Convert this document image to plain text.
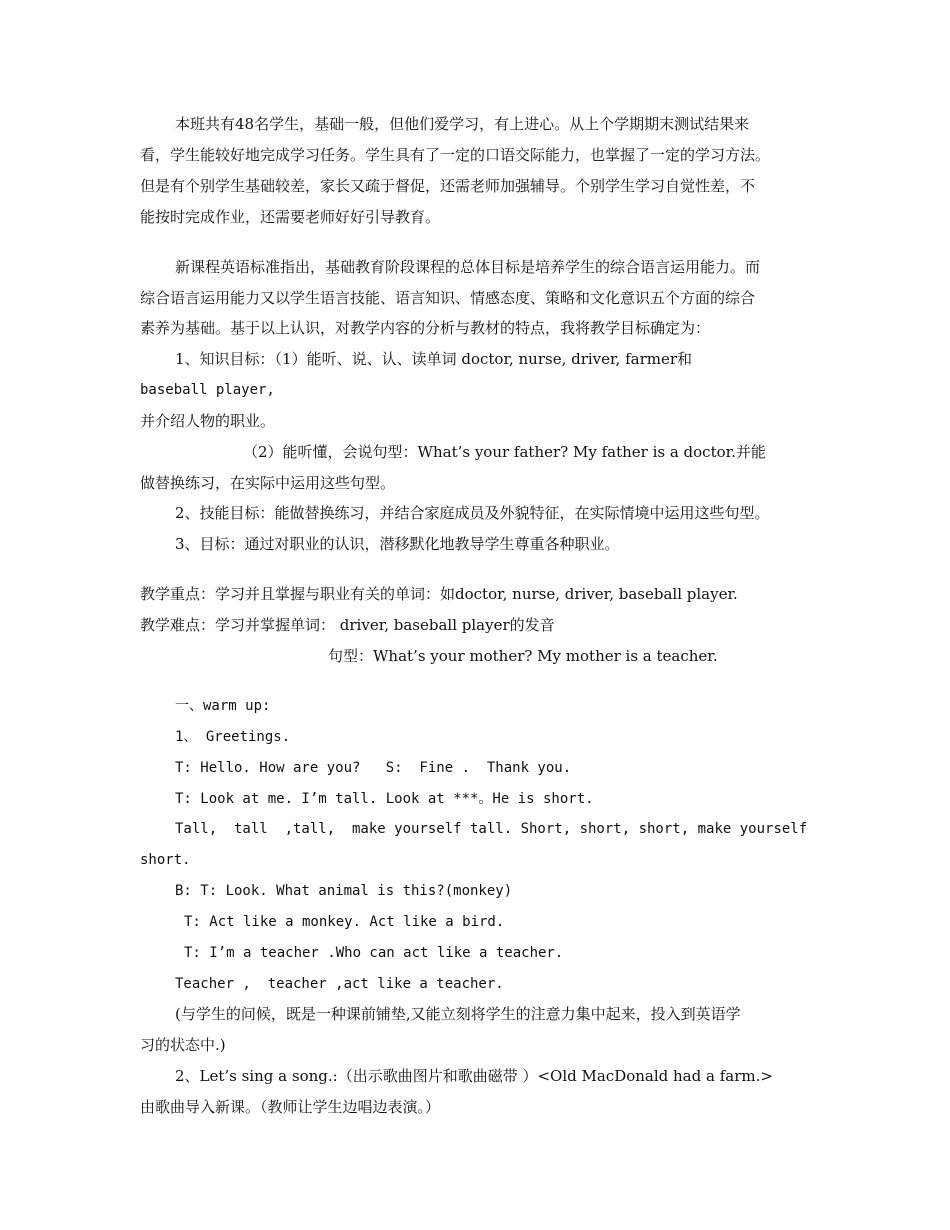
本班共有48名学生，基础一般，但他们爱学习，有上进心。从上个学期期末测试结果来
看，学生能较好地完成学习任务。学生具有了一定的口语交际能力，也掌握了一定的学习方法。
但是有个别学生基础较差，家长又疏于督促，还需老师加强辅导。个别学生学习自觉性差，不
能按时完成作业，还需要老师好好引导教育。
新课程英语标准指出，基础教育阶段课程的总体目标是培养学生的综合语言运用能力。而
综合语言运用能力又以学生语言技能、语言知识、情感态度、策略和文化意识五个方面的综合
素养为基础。基于以上认识，对教学内容的分析与教材的特点，我将教学目标确定为：
1、知识目标：（1）能听、说、认、读单词 doctor, nurse, driver, farmer和
baseball player,
并介绍人物的职业。
（2）能听懂，会说句型：What’s your father? My father is a doctor.并能
做替换练习，在实际中运用这些句型。
2、技能目标：能做替换练习，并结合家庭成员及外貌特征，在实际情境中运用这些句型。
3、目标：通过对职业的认识，潜移默化地教导学生尊重各种职业。
教学重点：学习并且掌握与职业有关的单词：如doctor, nurse, driver, baseball player.
教学难点：学习并掌握单词： driver, baseball player的发音
句型：What’s your mother? My mother is a teacher.
一、warm up:
1、 Greetings.
T: Hello. How are you?   S:  Fine .  Thank you.
T: Look at me. I’m tall. Look at ***。He is short.
Tall,  tall  ,tall,  make yourself tall. Short, short, short, make yourself
short.
B: T: Look. What animal is this?(monkey)
T: Act like a monkey. Act like a bird.
T: I’m a teacher .Who can act like a teacher.
Teacher ,  teacher ,act like a teacher.
(与学生的问候，既是一种课前铺垫,又能立刻将学生的注意力集中起来，投入到英语学
习的状态中.)
2、Let’s sing a song.:（出示歌曲图片和歌曲磁带 ）<Old MacDonald had a farm.>
由歌曲导入新课。（教师让学生边唱边表演。）
